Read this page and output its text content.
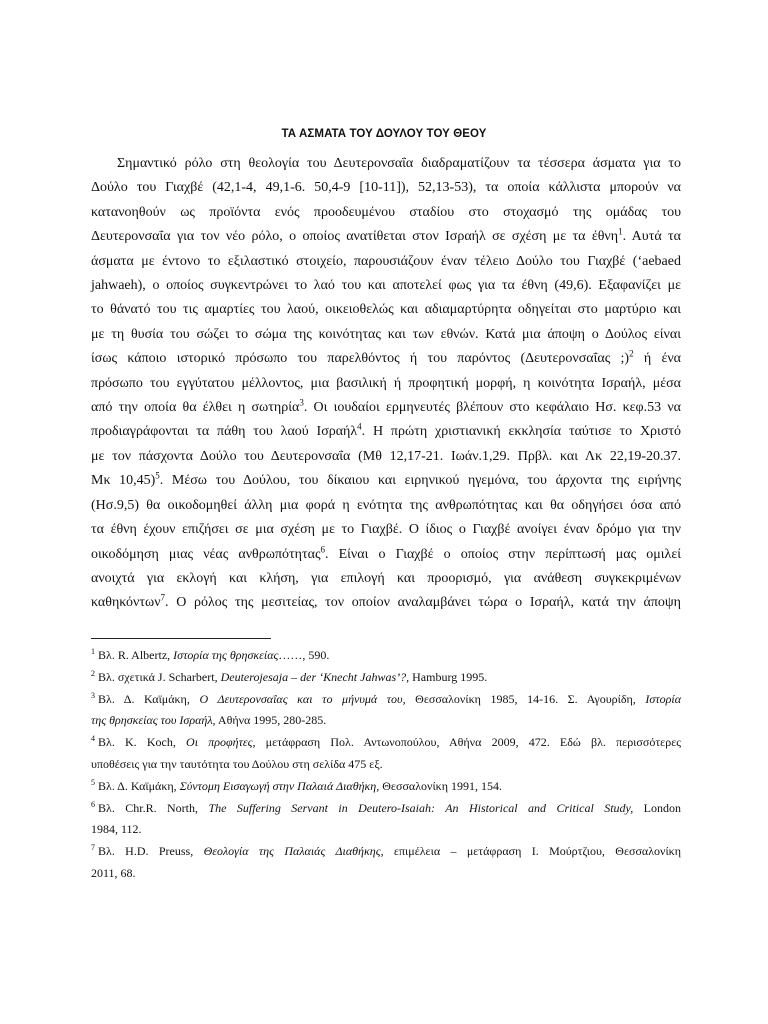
ΤΑ ΑΣΜΑΤΑ ΤΟΥ ΔΟΥΛΟΥ ΤΟΥ ΘΕΟΥ
Σημαντικό ρόλο στη θεολογία του Δευτερονσαΐα διαδραματίζουν τα τέσσερα άσματα για το
Δούλο του Γιαχβέ (42,1-4, 49,1-6. 50,4-9 [10-11]), 52,13-53), τα οποία κάλλιστα μπορούν να
κατανοηθούν ως προϊόντα ενός προοδευμένου σταδίου στο στοχασμό της ομάδας του
Δευτερονσαΐα για τον νέο ρόλο, ο οποίος ανατίθεται στον Ισραήλ σε σχέση με τα έθνη$^1$. Αυτά τα
άσματα με έντονο το εξιλαστικό στοιχείο, παρουσιάζουν έναν τέλειο Δούλο του Γιαχβέ (‘aebaed
jahwaeh), ο οποίος συγκεντρώνει το λαό του και αποτελεί φως για τα έθνη (49,6). Εξαφανίζει με
το θάνατό του τις αμαρτίες του λαού, οικειοθελώς και αδιαμαρτύρητα οδηγείται στο μαρτύριο και
με τη θυσία του σώζει το σώμα της κοινότητας και των εθνών. Κατά μια άποψη ο Δούλος είναι
ίσως κάποιο ιστορικό πρόσωπο του παρελθόντος ή του παρόντος (Δευτερονσαΐας ;)$^2$ ή ένα
πρόσωπο του εγγύτατου μέλλοντος, μια βασιλική ή προφητική μορφή, η κοινότητα Ισραήλ, μέσα
από την οποία θα έλθει η σωτηρία$^3$. Οι ιουδαίοι ερμηνευτές βλέπουν στο κεφάλαιο Ησ. κεφ.53 να
προδιαγράφονται τα πάθη του λαού Ισραήλ$^4$. Η πρώτη χριστιανική εκκλησία ταύτισε το Χριστό
με τον πάσχοντα Δούλο του Δευτερονσαΐα (Μθ 12,17-21. Ιωάν.1,29. Πρβλ. και Λκ 22,19-20.37.
Μκ 10,45)$^5$. Μέσω του Δούλου, του δίκαιου και ειρηνικού ηγεμόνα, του άρχοντα της ειρήνης
(Ησ.9,5) θα οικοδομηθεί άλλη μια φορά η ενότητα της ανθρωπότητας και θα οδηγήσει όσα από
τα έθνη έχουν επιζήσει σε μια σχέση με το Γιαχβέ. Ο ίδιος ο Γιαχβέ ανοίγει έναν δρόμο για την
οικοδόμηση μιας νέας ανθρωπότητας$^6$. Είναι ο Γιαχβέ ο οποίος στην περίπτωσή μας ομιλεί
ανοιχτά για εκλογή και κλήση, για επιλογή και προορισμό, για ανάθεση συγκεκριμένων
καθηκόντων$^7$. Ο ρόλος της μεσιτείας, τον οποίον αναλαμβάνει τώρα ο Ισραήλ, κατά την άποψη
$^1$ Βλ. R. Albertz, Ιστορία της θρησκείας……, 590.
$^2$ Βλ. σχετικά J. Scharbert, Deuterojesaja – der ‘Knecht Jahwas’?, Hamburg 1995.
$^3$ Βλ. Δ. Καϊμάκη, Ο Δευτερονσαΐας και το μήνυμά του, Θεσσαλονίκη 1985, 14-16. Σ. Αγουρίδη, Ιστορία
της θρησκείας του Ισραήλ, Αθήνα 1995, 280-285.
$^4$ Βλ. K. Koch, Οι προφήτες, μετάφραση Πολ. Αντωνοπούλου, Αθήνα 2009, 472. Εδώ βλ. περισσότερες
υποθέσεις για την ταυτότητα του Δούλου στη σελίδα 475 εξ.
$^5$ Βλ. Δ. Καϊμάκη, Σύντομη Εισαγωγή στην Παλαιά Διαθήκη, Θεσσαλονίκη 1991, 154.
$^6$ Βλ. Chr.R. North, The Suffering Servant in Deutero-Isaiah: An Historical and Critical Study, London
1984, 112.
$^7$ Βλ. H.D. Preuss, Θεολογία της Παλαιάς Διαθήκης, επιμέλεια – μετάφραση Ι. Μούρτζιου, Θεσσαλονίκη
2011, 68.
